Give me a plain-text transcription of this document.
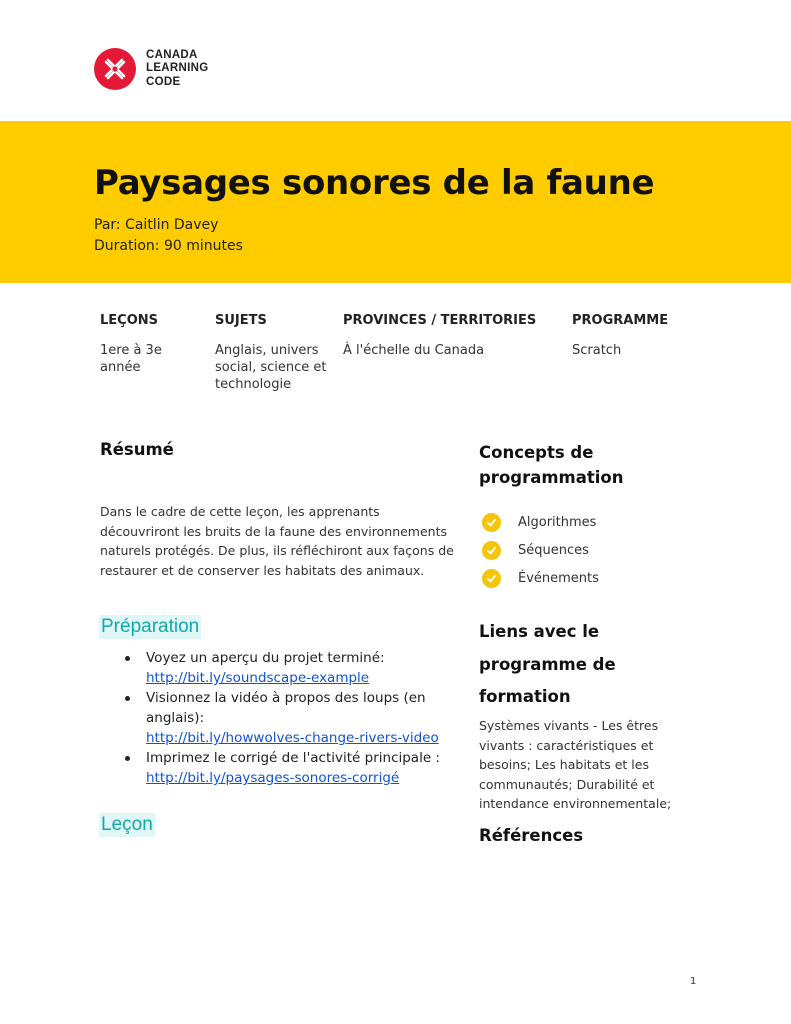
CANADA
LEARNING
CODE
Paysages sonores de la faune
Par: Caitlin Davey
Duration: 90 minutes
LEÇONS
1ere à 3e année
SUJETS
Anglais, univers social, science et technologie
PROVINCES / TERRITORIES
À l'échelle du Canada
PROGRAMME
Scratch
Résumé

Dans le cadre de cette leçon, les apprenants découvriront les bruits de la faune des environnements naturels protégés. De plus, ils réfléchiront aux façons de restaurer et de conserver les habitats des animaux.

Préparation
Voyez un aperçu du projet terminé:
http://bit.ly/soundscape-example
Visionnez la vidéo à propos des loups (en anglais):
http://bit.ly/howwolves-change-rivers-video
Imprimez le corrigé de l'activité principale :
http://bit.ly/paysages-sonores-corrigé
Leçon
Concepts de programmation
Algorithmes
Séquences
Événements
Liens avec le programme de formation

Systèmes vivants - Les êtres vivants : caractéristiques et besoins; Les habitats et les communautés; Durabilité et intendance environnementale;

Références
1
